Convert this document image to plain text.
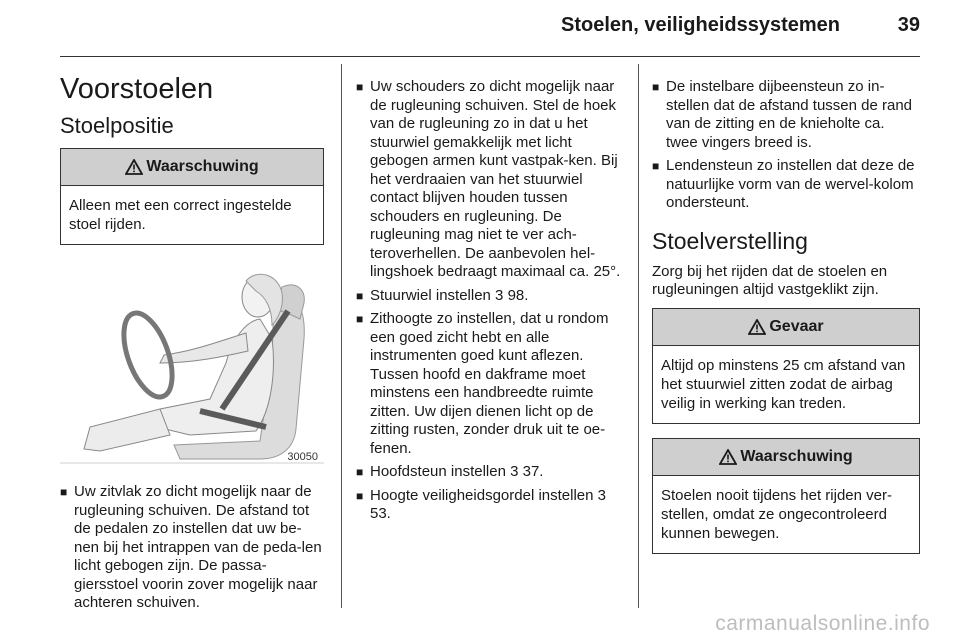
Stoelen, veiligheidssystemen	39
Voorstoelen
Stoelpositie
Waarschuwing
Alleen met een correct ingestelde stoel rijden.
30050
■ Uw zitvlak zo dicht mogelijk naar de rugleuning schuiven. De afstand tot de pedalen zo instellen dat uw be-nen bij het intrappen van de peda-len licht gebogen zijn. De passa-giersstoel voorin zover mogelijk naar achteren schuiven.
■ Uw schouders zo dicht mogelijk naar de rugleuning schuiven. Stel de hoek van de rugleuning zo in dat u het stuurwiel gemakkelijk met licht gebogen armen kunt vastpak-ken. Bij het verdraaien van het stuurwiel contact blijven houden tussen schouders en rugleuning. De rugleuning mag niet te ver ach-teroverhellen. De aanbevolen hel-lingshoek bedraagt maximaal ca. 25°.
■ Stuurwiel instellen 3 98.
■ Zithoogte zo instellen, dat u rondom een goed zicht hebt en alle instrumenten goed kunt aflezen. Tussen hoofd en dakframe moet minstens een handbreedte ruimte zitten. Uw dijen dienen licht op de zitting rusten, zonder druk uit te oe-fenen.
■ Hoofdsteun instellen 3 37.
■ Hoogte veiligheidsgordel instellen 3 53.
■ De instelbare dijbeensteun zo in-stellen dat de afstand tussen de rand van de zitting en de knieholte ca. twee vingers breed is.
■ Lendensteun zo instellen dat deze de natuurlijke vorm van de wervel-kolom ondersteunt.
Stoelverstelling

Zorg bij het rijden dat de stoelen en rugleuningen altijd vastgeklikt zijn.

Gevaar
Altijd op minstens 25 cm afstand van het stuurwiel zitten zodat de airbag veilig in werking kan treden.
Waarschuwing
Stoelen nooit tijdens het rijden ver-stellen, omdat ze ongecontroleerd kunnen bewegen.
carmanualsonline.info
